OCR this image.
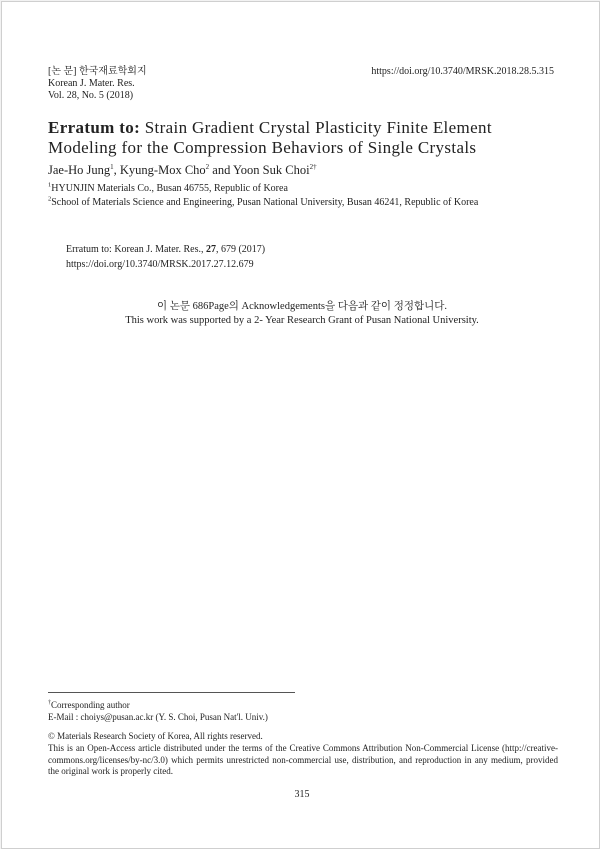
[논 문] 한국재료학회지
Korean J. Mater. Res.
Vol. 28, No. 5 (2018)
https://doi.org/10.3740/MRSK.2018.28.5.315
Erratum to: Strain Gradient Crystal Plasticity Finite Element
Modeling for the Compression Behaviors of Single Crystals
Jae-Ho Jung$^1$, Kyung-Mox Cho$^2$ and Yoon Suk Choi$^{2\dagger}$
$^1$HYUNJIN Materials Co., Busan 46755, Republic of Korea
$^2$School of Materials Science and Engineering, Pusan National University, Busan 46241, Republic of Korea
Erratum to: Korean J. Mater. Res., 27, 679 (2017)
https://doi.org/10.3740/MRSK.2017.27.12.679
이 논문 686Page의 Acknowledgements을 다음과 같이 정정합니다.
This work was supported by a 2- Year Research Grant of Pusan National University.
†Corresponding author
E-Mail : choiys@pusan.ac.kr (Y. S. Choi, Pusan Nat'l. Univ.)
© Materials Research Society of Korea, All rights reserved.
This is an Open-Access article distributed under the terms of the Creative Commons Attribution Non-Commercial License (http://creative-commons.org/licenses/by-nc/3.0) which permits unrestricted non-commercial use, distribution, and reproduction in any medium, provided the original work is properly cited.
315
